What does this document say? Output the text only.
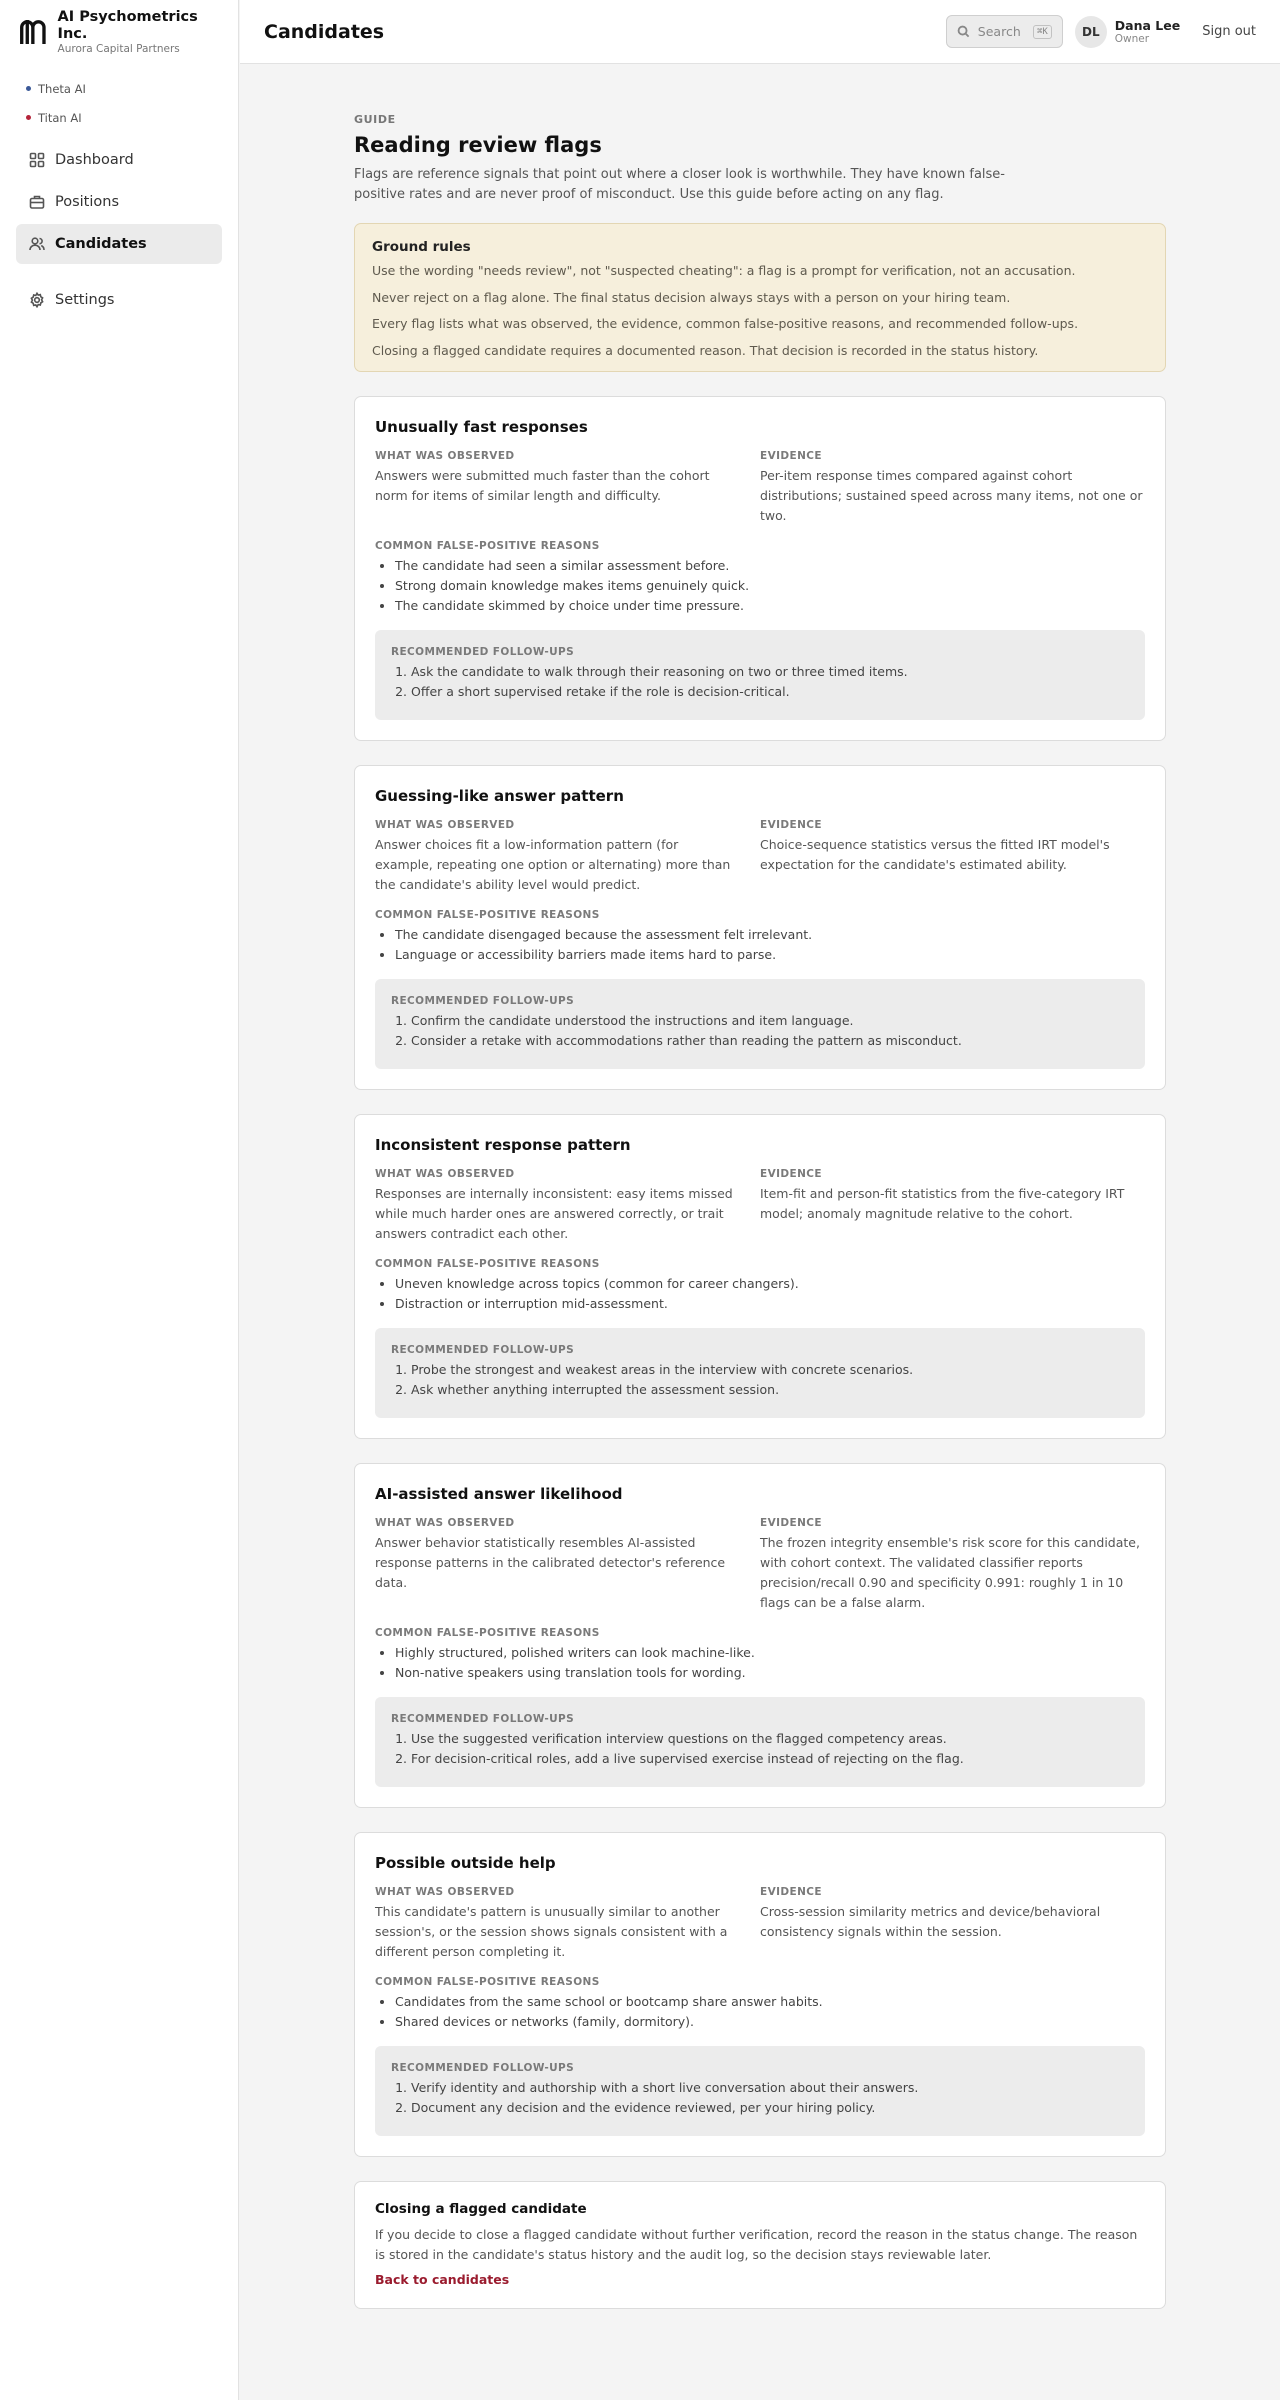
AI Psychometrics Inc.
Aurora Capital Partners
Theta AI
Titan AI
Dashboard
Positions
Candidates
Settings
Candidates	Search	⌘K	DL	Dana Lee
Owner	Sign out
GUIDE
Reading review flags

Flags are reference signals that point out where a closer look is worthwhile. They have known false-positive rates and are never proof of misconduct. Use this guide before acting on any flag.

Ground rules

Use the wording "needs review", not "suspected cheating": a flag is a prompt for verification, not an accusation.

Never reject on a flag alone. The final status decision always stays with a person on your hiring team.

Every flag lists what was observed, the evidence, common false-positive reasons, and recommended follow-ups.

Closing a flagged candidate requires a documented reason. That decision is recorded in the status history.

Unusually fast responses
WHAT WAS OBSERVED
Answers were submitted much faster than the cohort norm for items of similar length and difficulty.
EVIDENCE
Per-item response times compared against cohort distributions; sustained speed across many items, not one or two.
COMMON FALSE-POSITIVE REASONS
• The candidate had seen a similar assessment before.
• Strong domain knowledge makes items genuinely quick.
• The candidate skimmed by choice under time pressure.
RECOMMENDED FOLLOW-UPS
1. Ask the candidate to walk through their reasoning on two or three timed items.
2. Offer a short supervised retake if the role is decision-critical.
Guessing-like answer pattern
WHAT WAS OBSERVED
Answer choices fit a low-information pattern (for example, repeating one option or alternating) more than the candidate's ability level would predict.
EVIDENCE
Choice-sequence statistics versus the fitted IRT model's expectation for the candidate's estimated ability.
COMMON FALSE-POSITIVE REASONS
• The candidate disengaged because the assessment felt irrelevant.
• Language or accessibility barriers made items hard to parse.
RECOMMENDED FOLLOW-UPS
1. Confirm the candidate understood the instructions and item language.
2. Consider a retake with accommodations rather than reading the pattern as misconduct.
Inconsistent response pattern
WHAT WAS OBSERVED
Responses are internally inconsistent: easy items missed while much harder ones are answered correctly, or trait answers contradict each other.
EVIDENCE
Item-fit and person-fit statistics from the five-category IRT model; anomaly magnitude relative to the cohort.
COMMON FALSE-POSITIVE REASONS
• Uneven knowledge across topics (common for career changers).
• Distraction or interruption mid-assessment.
RECOMMENDED FOLLOW-UPS
1. Probe the strongest and weakest areas in the interview with concrete scenarios.
2. Ask whether anything interrupted the assessment session.
AI-assisted answer likelihood
WHAT WAS OBSERVED
Answer behavior statistically resembles AI-assisted response patterns in the calibrated detector's reference data.
EVIDENCE
The frozen integrity ensemble's risk score for this candidate, with cohort context. The validated classifier reports precision/recall 0.90 and specificity 0.991: roughly 1 in 10 flags can be a false alarm.
COMMON FALSE-POSITIVE REASONS
• Highly structured, polished writers can look machine-like.
• Non-native speakers using translation tools for wording.
RECOMMENDED FOLLOW-UPS
1. Use the suggested verification interview questions on the flagged competency areas.
2. For decision-critical roles, add a live supervised exercise instead of rejecting on the flag.
Possible outside help
WHAT WAS OBSERVED
This candidate's pattern is unusually similar to another session's, or the session shows signals consistent with a different person completing it.
EVIDENCE
Cross-session similarity metrics and device/behavioral consistency signals within the session.
COMMON FALSE-POSITIVE REASONS
• Candidates from the same school or bootcamp share answer habits.
• Shared devices or networks (family, dormitory).
RECOMMENDED FOLLOW-UPS
1. Verify identity and authorship with a short live conversation about their answers.
2. Document any decision and the evidence reviewed, per your hiring policy.
Closing a flagged candidate

If you decide to close a flagged candidate without further verification, record the reason in the status change. The reason is stored in the candidate's status history and the audit log, so the decision stays reviewable later.

Back to candidates
